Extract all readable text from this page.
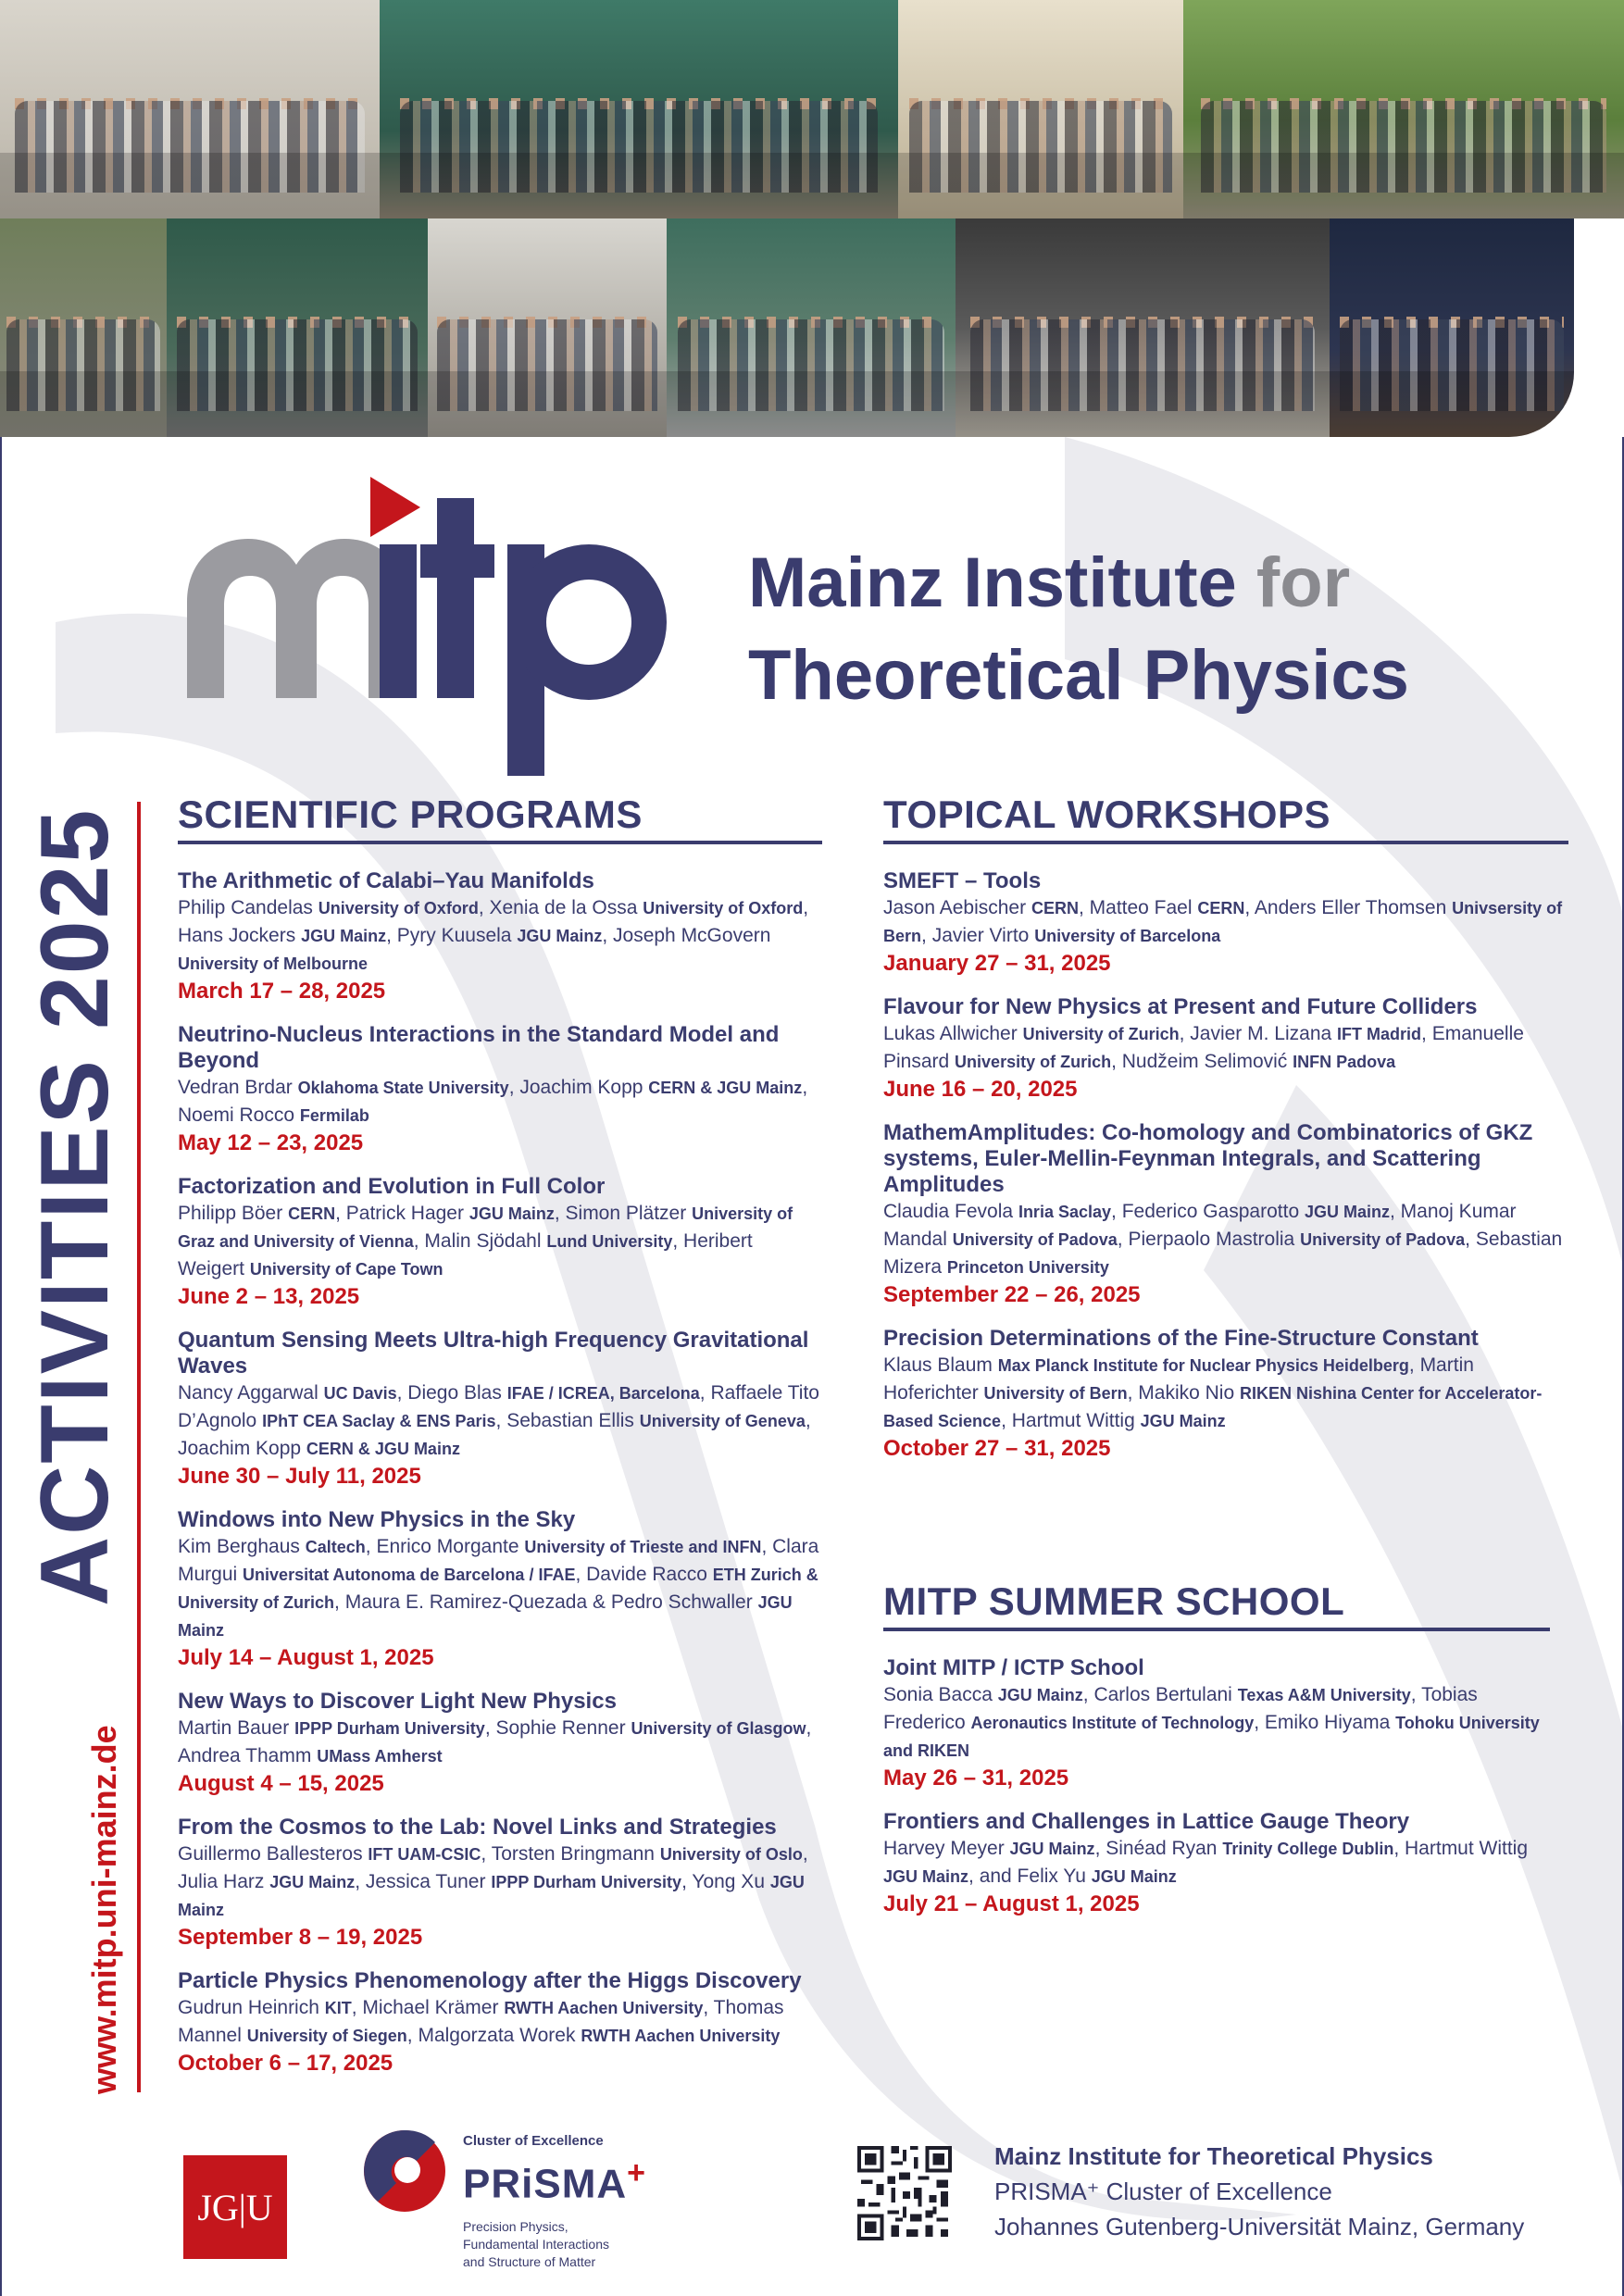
Mainz Institute for
Theoretical Physics
ACTIVITIES 2025
www.mitp.uni-mainz.de
SCIENTIFIC PROGRAMS
The Arithmetic of Calabi–Yau Manifolds
Philip Candelas University of Oxford, Xenia de la Ossa University of Oxford, Hans Jockers JGU Mainz, Pyry Kuusela JGU Mainz, Joseph McGovern University of Melbourne
March 17 – 28, 2025
Neutrino-Nucleus Interactions in the Standard Model and Beyond
Vedran Brdar Oklahoma State University, Joachim Kopp CERN & JGU Mainz, Noemi Rocco Fermilab
May 12 – 23, 2025
Factorization and Evolution in Full Color
Philipp Böer CERN, Patrick Hager JGU Mainz, Simon Plätzer University of Graz and University of Vienna, Malin Sjödahl Lund University, Heribert Weigert University of Cape Town
June 2 – 13, 2025
Quantum Sensing Meets Ultra-high Frequency Gravitational Waves
Nancy Aggarwal UC Davis, Diego Blas IFAE / ICREA, Barcelona, Raffaele Tito D’Agnolo IPhT CEA Saclay & ENS Paris, Sebastian Ellis University of Geneva, Joachim Kopp CERN & JGU Mainz
June 30 – July 11, 2025
Windows into New Physics in the Sky
Kim Berghaus Caltech, Enrico Morgante University of Trieste and INFN, Clara Murgui Universitat Autonoma de Barcelona / IFAE, Davide Racco ETH Zurich & University of Zurich, Maura E. Ramirez-Quezada & Pedro Schwaller JGU Mainz
July 14 – August 1, 2025
New Ways to Discover Light New Physics
Martin Bauer IPPP Durham University, Sophie Renner University of Glasgow, Andrea Thamm UMass Amherst
August 4 – 15, 2025
From the Cosmos to the Lab: Novel Links and Strategies
Guillermo Ballesteros IFT UAM-CSIC, Torsten Bringmann University of Oslo, Julia Harz JGU Mainz, Jessica Tuner IPPP Durham University, Yong Xu JGU Mainz
September 8 – 19, 2025
Particle Physics Phenomenology after the Higgs Discovery
Gudrun Heinrich KIT, Michael Krämer RWTH Aachen University, Thomas Mannel University of Siegen, Malgorzata Worek RWTH Aachen University
October 6 – 17, 2025
TOPICAL WORKSHOPS
SMEFT – Tools
Jason Aebischer CERN, Matteo Fael CERN, Anders Eller Thomsen Univsersity of Bern, Javier Virto University of Barcelona
January 27 – 31, 2025
Flavour for New Physics at Present and Future Colliders
Lukas Allwicher University of Zurich, Javier M. Lizana IFT Madrid, Emanuelle Pinsard University of Zurich, Nudžeim Selimović INFN Padova
June 16 – 20, 2025
MathemAmplitudes: Co-homology and Combinatorics of GKZ systems, Euler-Mellin-Feynman Integrals, and Scattering Amplitudes
Claudia Fevola Inria Saclay, Federico Gasparotto JGU Mainz, Manoj Kumar Mandal University of Padova, Pierpaolo Mastrolia University of Padova, Sebastian Mizera Princeton University
September 22 – 26, 2025
Precision Determinations of the Fine-Structure Constant
Klaus Blaum Max Planck Institute for Nuclear Physics Heidelberg, Martin Hoferichter University of Bern, Makiko Nio RIKEN Nishina Center for Accelerator-Based Science, Hartmut Wittig JGU Mainz
October 27 – 31, 2025
MITP SUMMER SCHOOL
Joint MITP / ICTP School
Sonia Bacca JGU Mainz, Carlos Bertulani Texas A&M University, Tobias Frederico Aeronautics Institute of Technology, Emiko Hiyama Tohoku University and RIKEN
May 26 – 31, 2025
Frontiers and Challenges in Lattice Gauge Theory
Harvey Meyer JGU Mainz, Sinéad Ryan Trinity College Dublin, Hartmut Wittig JGU Mainz, and Felix Yu JGU Mainz
July 21 – August 1, 2025
JG|U
Cluster of Excellence
PRiSMA+
Precision Physics,
Fundamental Interactions
and Structure of Matter
Mainz Institute for Theoretical Physics
PRISMA⁺ Cluster of Excellence
Johannes Gutenberg-Universität Mainz, Germany
